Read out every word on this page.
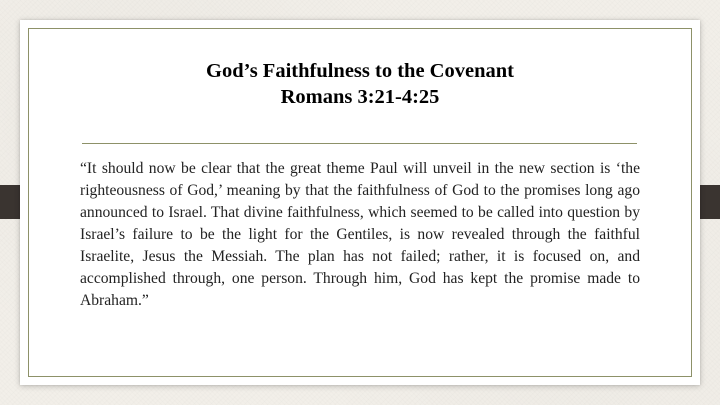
God’s Faithfulness to the Covenant
Romans 3:21-4:25

“It should now be clear that the great theme Paul will unveil in the new section is ‘the righteousness of God,’ meaning by that the faithfulness of God to the promises long ago announced to Israel. That divine faithfulness, which seemed to be called into question by Israel’s failure to be the light for the Gentiles, is now revealed through the faithful Israelite, Jesus the Messiah. The plan has not failed; rather, it is focused on, and accomplished through, one person. Through him, God has kept the promise made to Abraham.”
